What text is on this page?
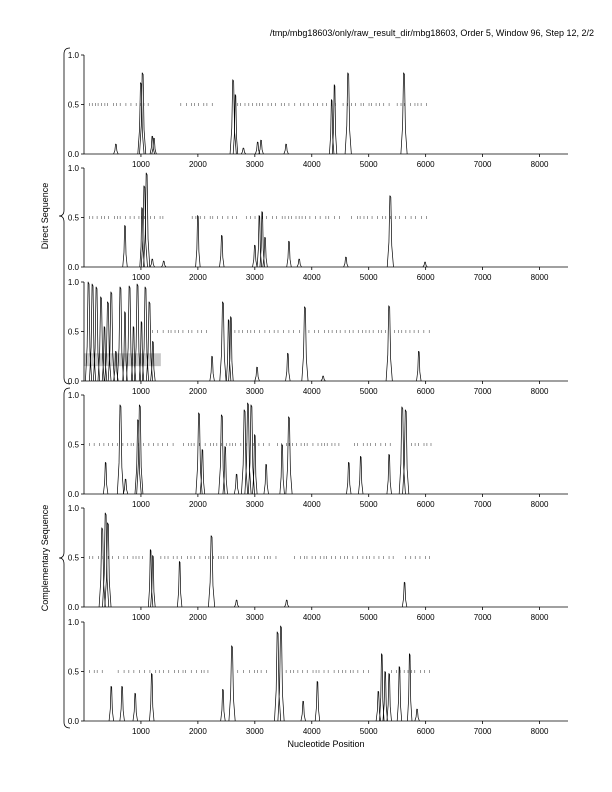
/tmp/mbg18603/only/raw_result_dir/mbg18603, Order 5, Window 96, Step 12, 2/2
0.0
0.5
1.0
1000	2000	3000	4000	5000	6000	7000	8000
0.0
0.5
1.0
1000	2000	3000	4000	5000	6000	7000	8000
0.0
0.5
1.0
1000	2000	3000	4000	5000	6000	7000	8000
0.0
0.5
1.0
1000	2000	3000	4000	5000	6000	7000	8000
0.0
0.5
1.0
1000	2000	3000	4000	5000	6000	7000	8000
0.0
0.5
1.0
1000	2000	3000	4000	5000	6000	7000	8000
Direct Sequence
Complementary Sequence
Nucleotide Position
